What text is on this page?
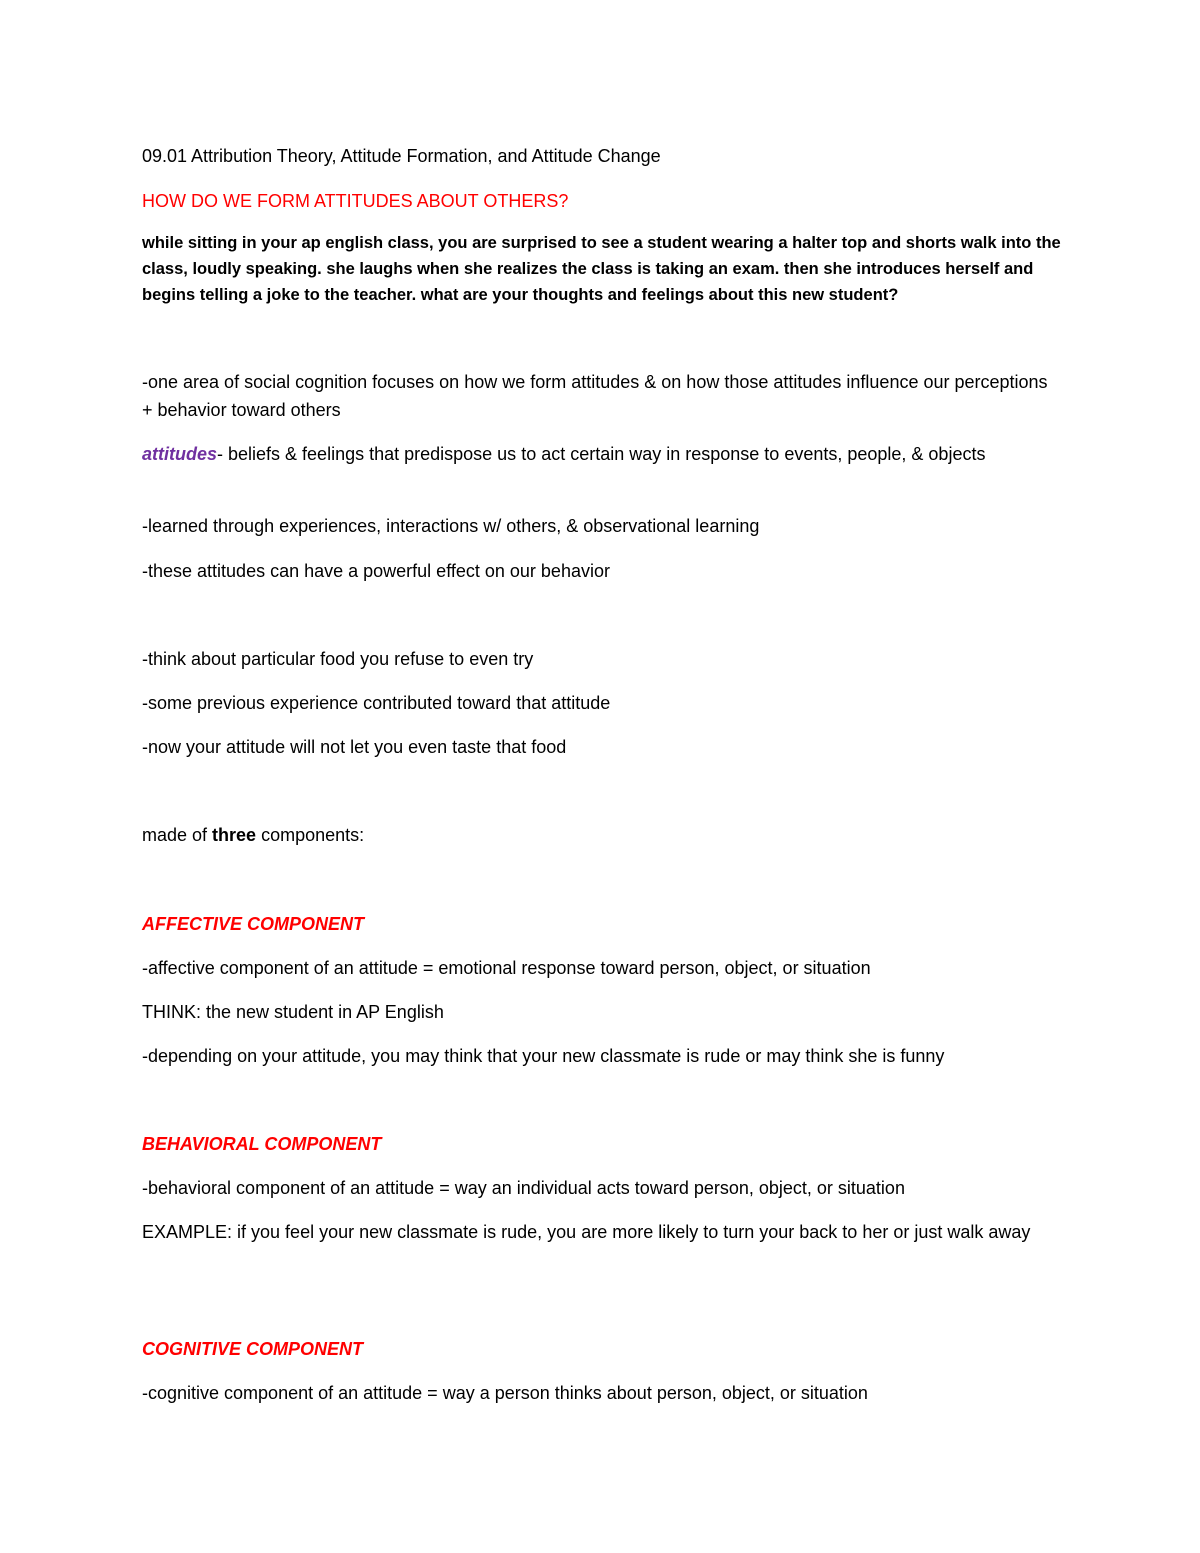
09.01 Attribution Theory, Attitude Formation, and Attitude Change

HOW DO WE FORM ATTITUDES ABOUT OTHERS?

while sitting in your ap english class, you are surprised to see a student wearing a halter top and shorts walk into the class, loudly speaking. she laughs when she realizes the class is taking an exam. then she introduces herself and begins telling a joke to the teacher. what are your thoughts and feelings about this new student?

-one area of social cognition focuses on how we form attitudes & on how those attitudes influence our perceptions + behavior toward others

attitudes- beliefs & feelings that predispose us to act certain way in response to events, people, & objects

-learned through experiences, interactions w/ others, & observational learning

-these attitudes can have a powerful effect on our behavior

-think about particular food you refuse to even try

-some previous experience contributed toward that attitude

-now your attitude will not let you even taste that food

made of three components:

AFFECTIVE COMPONENT

-affective component of an attitude = emotional response toward person, object, or situation

THINK: the new student in AP English

-depending on your attitude, you may think that your new classmate is rude or may think she is funny

BEHAVIORAL COMPONENT

-behavioral component of an attitude = way an individual acts toward person, object, or situation

EXAMPLE: if you feel your new classmate is rude, you are more likely to turn your back to her or just walk away

COGNITIVE COMPONENT

-cognitive component of an attitude = way a person thinks about person, object, or situation
